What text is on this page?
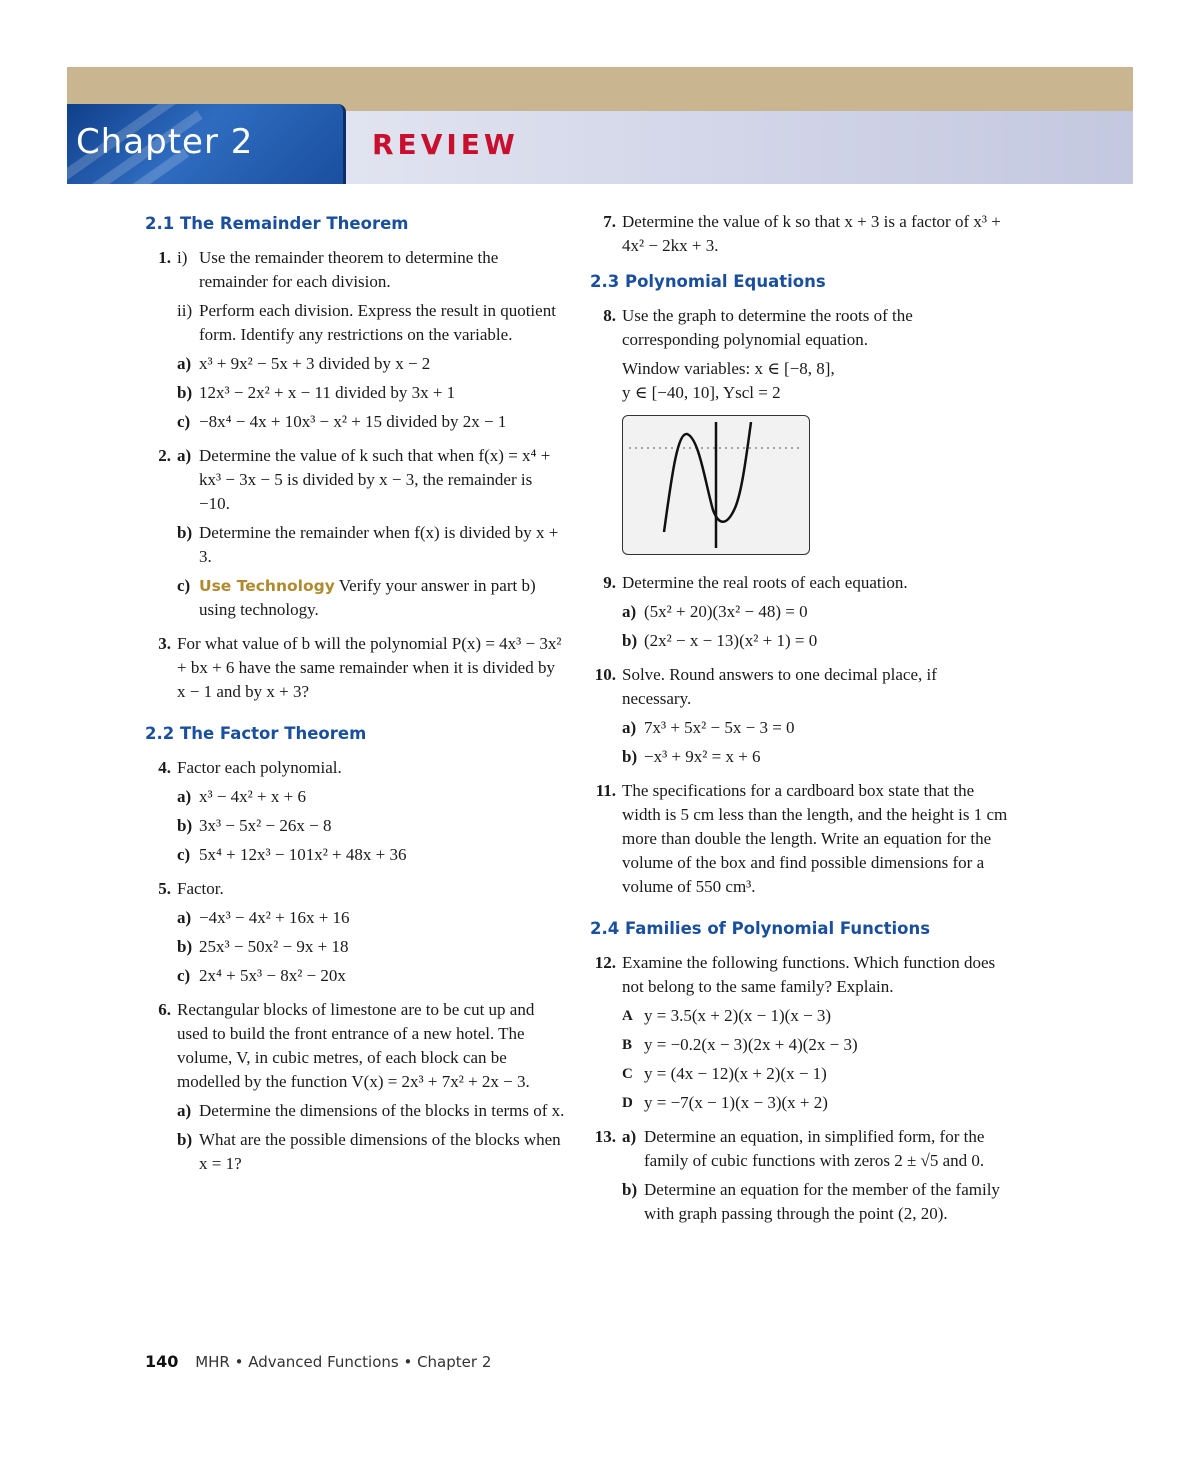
Chapter 2	REVIEW
2.1 The Remainder Theorem
1. i) Use the remainder theorem to determine the remainder for each division.
ii) Perform each division. Express the result in quotient form. Identify any restrictions on the variable.
a) x³ + 9x² − 5x + 3 divided by x − 2
b) 12x³ − 2x² + x − 11 divided by 3x + 1
c) −8x⁴ − 4x + 10x³ − x² + 15 divided by 2x − 1
2. a) Determine the value of k such that when f(x) = x⁴ + kx³ − 3x − 5 is divided by x − 3, the remainder is −10.
b) Determine the remainder when f(x) is divided by x + 3.
c) Use Technology Verify your answer in part b) using technology.
3. For what value of b will the polynomial P(x) = 4x³ − 3x² + bx + 6 have the same remainder when it is divided by x − 1 and by x + 3?
2.2 The Factor Theorem
4. Factor each polynomial.
a) x³ − 4x² + x + 6
b) 3x³ − 5x² − 26x − 8
c) 5x⁴ + 12x³ − 101x² + 48x + 36
5. Factor.
a) −4x³ − 4x² + 16x + 16
b) 25x³ − 50x² − 9x + 18
c) 2x⁴ + 5x³ − 8x² − 20x
6. Rectangular blocks of limestone are to be cut up and used to build the front entrance of a new hotel. The volume, V, in cubic metres, of each block can be modelled by the function V(x) = 2x³ + 7x² + 2x − 3.
a) Determine the dimensions of the blocks in terms of x.
b) What are the possible dimensions of the blocks when x = 1?
7. Determine the value of k so that x + 3 is a factor of x³ + 4x² − 2kx + 3.
2.3 Polynomial Equations
8. Use the graph to determine the roots of the corresponding polynomial equation.
Window variables: x ∈ [−8, 8],
y ∈ [−40, 10], Yscl = 2
9. Determine the real roots of each equation.
a) (5x² + 20)(3x² − 48) = 0
b) (2x² − x − 13)(x² + 1) = 0
10. Solve. Round answers to one decimal place, if necessary.
a) 7x³ + 5x² − 5x − 3 = 0
b) −x³ + 9x² = x + 6
11. The specifications for a cardboard box state that the width is 5 cm less than the length, and the height is 1 cm more than double the length. Write an equation for the volume of the box and find possible dimensions for a volume of 550 cm³.
2.4 Families of Polynomial Functions
12. Examine the following functions. Which function does not belong to the same family? Explain.
A y = 3.5(x + 2)(x − 1)(x − 3)
B y = −0.2(x − 3)(2x + 4)(2x − 3)
C y = (4x − 12)(x + 2)(x − 1)
D y = −7(x − 1)(x − 3)(x + 2)
13. a) Determine an equation, in simplified form, for the family of cubic functions with zeros 2 ± √5 and 0.
b) Determine an equation for the member of the family with graph passing through the point (2, 20).
140 MHR • Advanced Functions • Chapter 2
